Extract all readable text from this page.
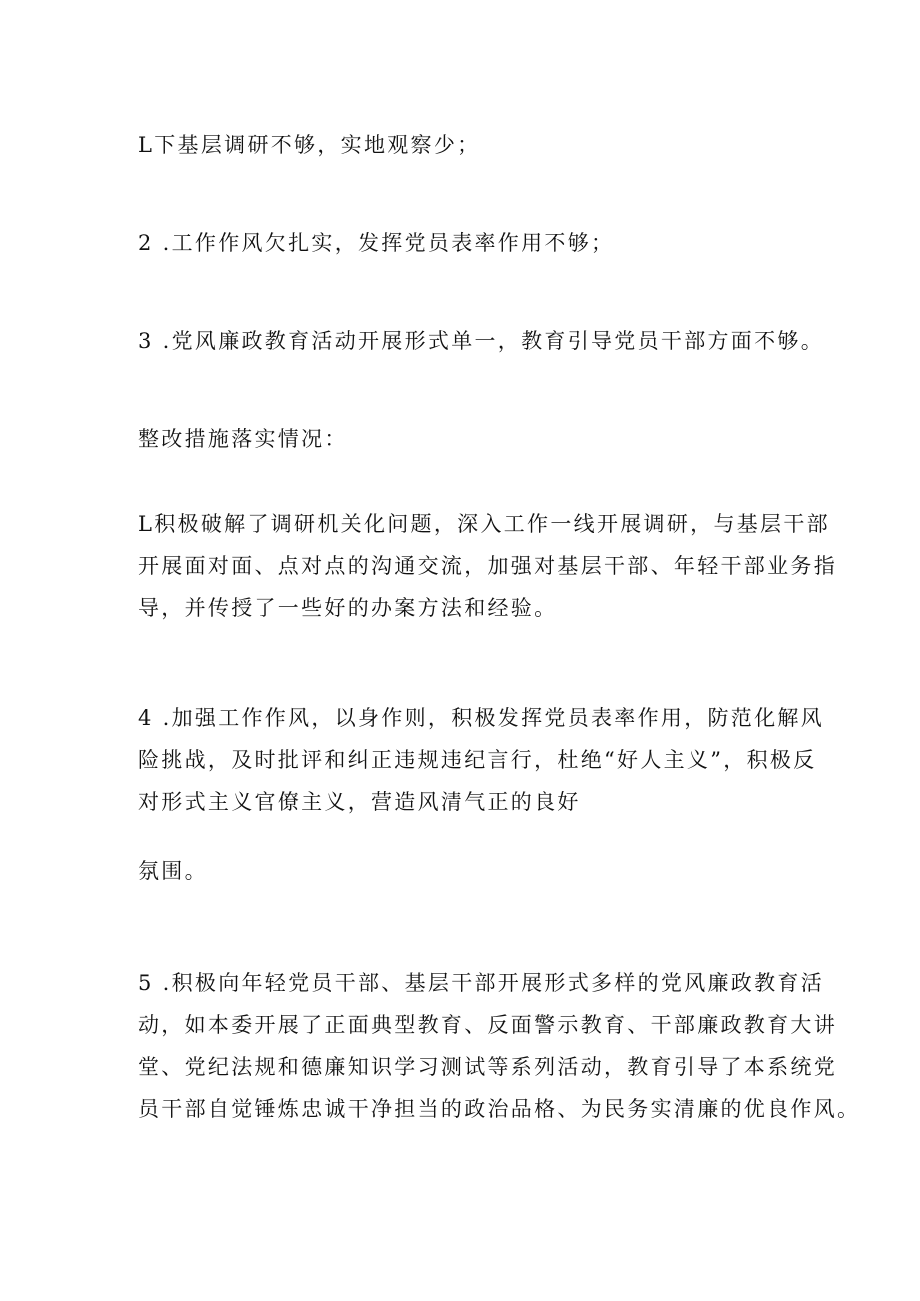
L下基层调研不够，实地观察少；

2 .工作作风欠扎实，发挥党员表率作用不够；

3 .党风廉政教育活动开展形式单一，教育引导党员干部方面不够。

整改措施落实情况：

L积极破解了调研机关化问题，深入工作一线开展调研，与基层干部
开展面对面、点对点的沟通交流，加强对基层干部、年轻干部业务指
导，并传授了一些好的办案方法和经验。

4 .加强工作作风，以身作则，积极发挥党员表率作用，防范化解风
险挑战，及时批评和纠正违规违纪言行，杜绝“好人主义”，积极反
对形式主义官僚主义，营造风清气正的良好

氛围。

5 .积极向年轻党员干部、基层干部开展形式多样的党风廉政教育活
动，如本委开展了正面典型教育、反面警示教育、干部廉政教育大讲
堂、党纪法规和德廉知识学习测试等系列活动，教育引导了本系统党
员干部自觉锤炼忠诚干净担当的政治品格、为民务实清廉的优良作风。
